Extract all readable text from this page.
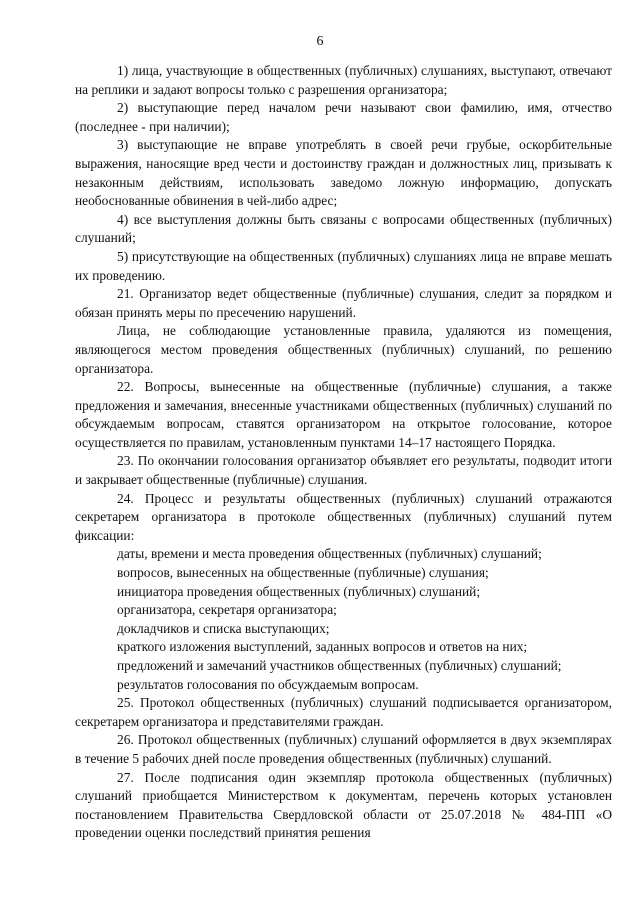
6

1) лица, участвующие в общественных (публичных) слушаниях, выступают, отвечают на реплики и задают вопросы только с разрешения организатора;

2) выступающие перед началом речи называют свои фамилию, имя, отчество (последнее - при наличии);

3) выступающие не вправе употреблять в своей речи грубые, оскорбительные выражения, наносящие вред чести и достоинству граждан и должностных лиц, призывать к незаконным действиям, использовать заведомо ложную информацию, допускать необоснованные обвинения в чей-либо адрес;

4) все выступления должны быть связаны с вопросами общественных (публичных) слушаний;

5) присутствующие на общественных (публичных) слушаниях лица не вправе мешать их проведению.

21. Организатор ведет общественные (публичные) слушания, следит за порядком и обязан принять меры по пресечению нарушений.

Лица, не соблюдающие установленные правила, удаляются из помещения, являющегося местом проведения общественных (публичных) слушаний, по решению организатора.

22. Вопросы, вынесенные на общественные (публичные) слушания, а также предложения и замечания, внесенные участниками общественных (публичных) слушаний по обсуждаемым вопросам, ставятся организатором на открытое голосование, которое осуществляется по правилам, установленным пунктами 14–17 настоящего Порядка.

23. По окончании голосования организатор объявляет его результаты, подводит итоги и закрывает общественные (публичные) слушания.

24. Процесс и результаты общественных (публичных) слушаний отражаются секретарем организатора в протоколе общественных (публичных) слушаний путем фиксации:

даты, времени и места проведения общественных (публичных) слушаний;

вопросов, вынесенных на общественные (публичные) слушания;

инициатора проведения общественных (публичных) слушаний;

организатора, секретаря организатора;

докладчиков и списка выступающих;

краткого изложения выступлений, заданных вопросов и ответов на них;

предложений и замечаний участников общественных (публичных) слушаний;

результатов голосования по обсуждаемым вопросам.

25. Протокол общественных (публичных) слушаний подписывается организатором, секретарем организатора и представителями граждан.

26. Протокол общественных (публичных) слушаний оформляется в двух экземплярах в течение 5 рабочих дней после проведения общественных (публичных) слушаний.

27. После подписания один экземпляр протокола общественных (публичных) слушаний приобщается Министерством к документам, перечень которых установлен постановлением Правительства Свердловской области от 25.07.2018 № 484-ПП «О проведении оценки последствий принятия решения
